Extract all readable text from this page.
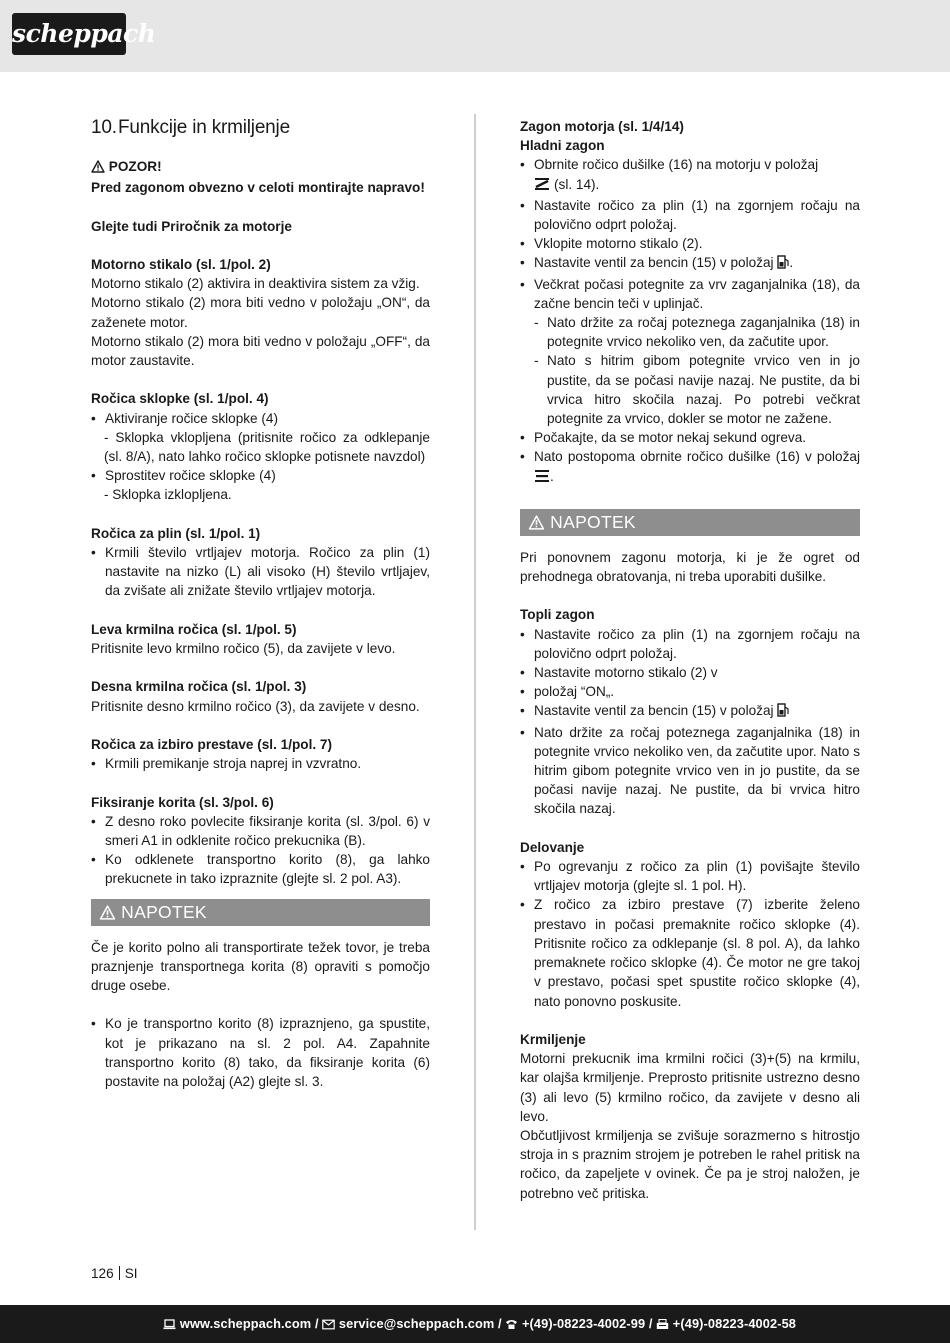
scheppach
10.Funkcije in krmiljenje

POZOR!

Pred zagonom obvezno v celoti montirajte napravo!

Glejte tudi Priročnik za motorje

Motorno stikalo (sl. 1/pol. 2)

Motorno stikalo (2) aktivira in deaktivira sistem za vžig.

Motorno stikalo (2) mora biti vedno v položaju „ON“, da zaženete motor.

Motorno stikalo (2) mora biti vedno v položaju „OFF“, da motor zaustavite.

Ročica sklopke (sl. 1/pol. 4)

• Aktiviranje ročice sklopke (4)

- Sklopka vklopljena (pritisnite ročico za odklepanje (sl. 8/A), nato lahko ročico sklopke potisnete navzdol)

• Sprostitev ročice sklopke (4)

- Sklopka izklopljena.

Ročica za plin (sl. 1/pol. 1)

• Krmili število vrtljajev motorja. Ročico za plin (1) nastavite na nizko (L) ali visoko (H) število vrtljajev, da zvišate ali znižate število vrtljajev motorja.

Leva krmilna ročica (sl. 1/pol. 5)

Pritisnite levo krmilno ročico (5), da zavijete v levo.

Desna krmilna ročica (sl. 1/pol. 3)

Pritisnite desno krmilno ročico (3), da zavijete v desno.

Ročica za izbiro prestave (sl. 1/pol. 7)

• Krmili premikanje stroja naprej in vzvratno.

Fiksiranje korita (sl. 3/pol. 6)

• Z desno roko povlecite fiksiranje korita (sl. 3/pol. 6) v smeri A1 in odklenite ročico prekucnika (B).
• Ko odklenete transportno korito (8), ga lahko prekucnete in tako izpraznite (glejte sl. 2 pol. A3).
NAPOTEK

Če je korito polno ali transportirate težek tovor, je treba praznjenje transportnega korita (8) opraviti s pomočjo druge osebe.

• Ko je transportno korito (8) izpraznjeno, ga spustite, kot je prikazano na sl. 2 pol. A4. Zapahnite transportno korito (8) tako, da fiksiranje korita (6) postavite na položaj (A2) glejte sl. 3.

Zagon motorja (sl. 1/4/14)

Hladni zagon

• Obrnite ročico dušilke (16) na motorju v položaj
(sl. 14).
• Nastavite ročico za plin (1) na zgornjem ročaju na polovično odprt položaj.
• Vklopite motorno stikalo (2).
• Nastavite ventil za bencin (15) v položaj .
• Večkrat počasi potegnite za vrv zaganjalnika (18), da začne bencin teči v uplinjač.
- Nato držite za ročaj poteznega zaganjalnika (18) in potegnite vrvico nekoliko ven, da začutite upor.
- Nato s hitrim gibom potegnite vrvico ven in jo pustite, da se počasi navije nazaj. Ne pustite, da bi vrvica hitro skočila nazaj. Po potrebi večkrat potegnite za vrvico, dokler se motor ne zažene.
• Počakajte, da se motor nekaj sekund ogreva.
• Nato postopoma obrnite ročico dušilke (16) v položaj .
NAPOTEK

Pri ponovnem zagonu motorja, ki je že ogret od prehodnega obratovanja, ni treba uporabiti dušilke.

Topli zagon

• Nastavite ročico za plin (1) na zgornjem ročaju na polovično odprt položaj.
• Nastavite motorno stikalo (2) v
• položaj “ON„.
• Nastavite ventil za bencin (15) v položaj
• Nato držite za ročaj poteznega zaganjalnika (18) in potegnite vrvico nekoliko ven, da začutite upor. Nato s hitrim gibom potegnite vrvico ven in jo pustite, da se počasi navije nazaj. Ne pustite, da bi vrvica hitro skočila nazaj.

Delovanje

• Po ogrevanju z ročico za plin (1) povišajte število vrtljajev motorja (glejte sl. 1 pol. H).
• Z ročico za izbiro prestave (7) izberite želeno prestavo in počasi premaknite ročico sklopke (4). Pritisnite ročico za odklepanje (sl. 8 pol. A), da lahko premaknete ročico sklopke (4). Če motor ne gre takoj v prestavo, počasi spet spustite ročico sklopke (4), nato ponovno poskusite.

Krmiljenje

Motorni prekucnik ima krmilni ročici (3)+(5) na krmilu, kar olajša krmiljenje. Preprosto pritisnite ustrezno desno (3) ali levo (5) krmilno ročico, da zavijete v desno ali levo.

Občutljivost krmiljenja se zvišuje sorazmerno s hitrostjo stroja in s praznim strojem je potreben le rahel pritisk na ročico, da zapeljete v ovinek. Če pa je stroj naložen, je potrebno več pritiska.

126 SI
www.scheppach.com /  service@scheppach.com /  +(49)-08223-4002-99 /  +(49)-08223-4002-58
